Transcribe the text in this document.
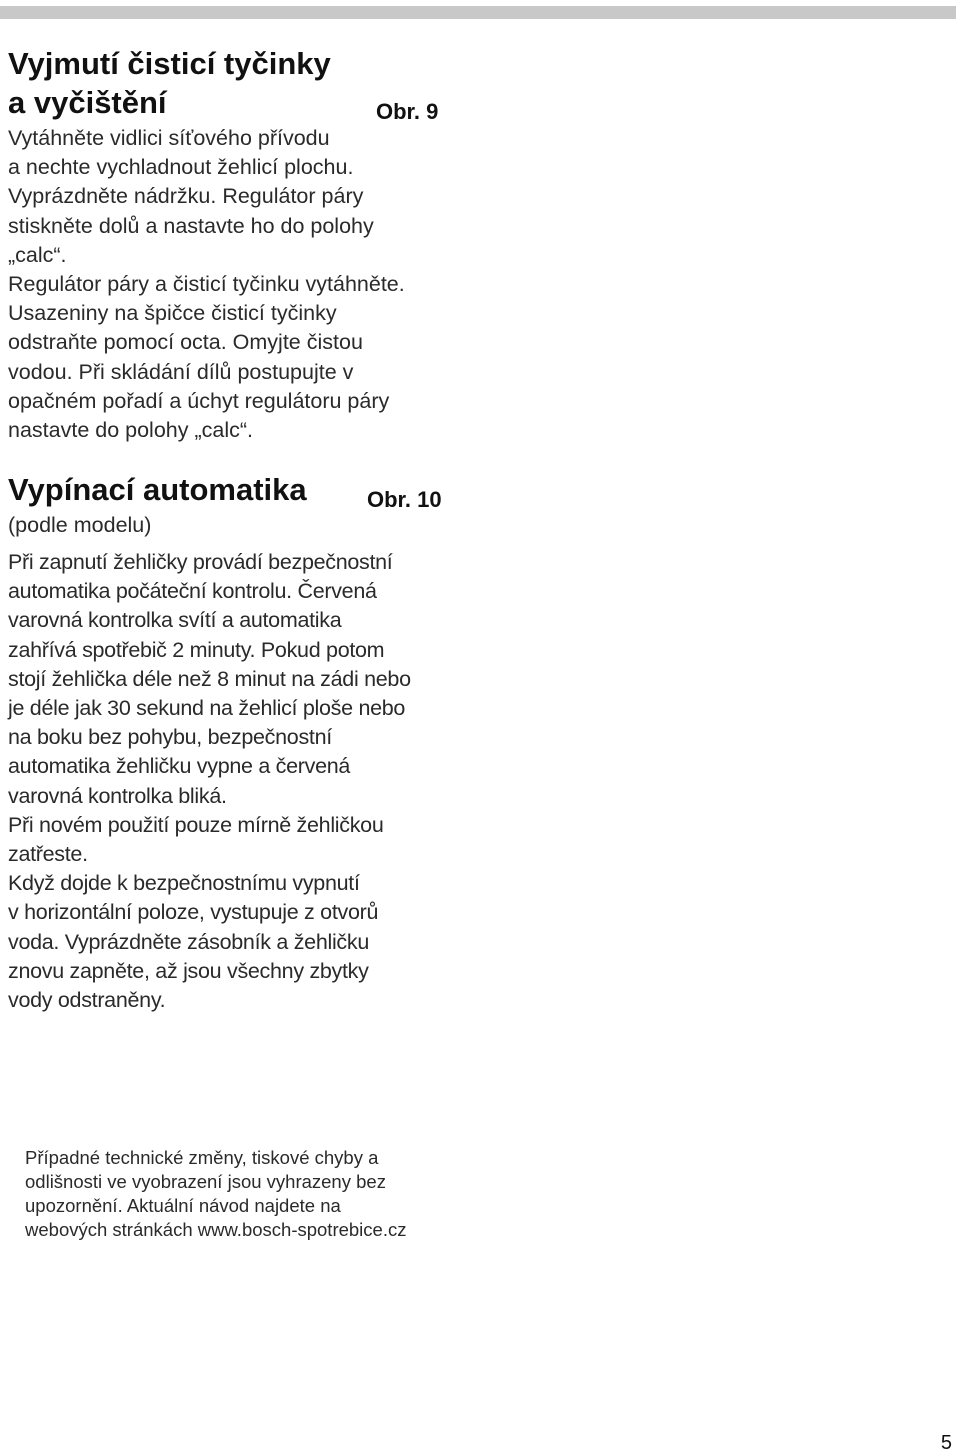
Vyjmutí čisticí tyčinky
a vyčištění	Obr. 9

Vytáhněte vidlici síťového přívodu
a nechte vychladnout žehlicí plochu.
Vyprázdněte nádržku. Regulátor páry
stiskněte dolů a nastavte ho do polohy
„calc“.
Regulátor páry a čisticí tyčinku vytáhněte.
Usazeniny na špičce čisticí tyčinky
odstraňte pomocí octa. Omyjte čistou
vodou. Při skládání dílů postupujte v
opačném pořadí a úchyt regulátoru páry
nastavte do polohy „calc“.

Vypínací automatika	Obr. 10

(podle modelu)

Při zapnutí žehličky provádí bezpečnostní
automatika počáteční kontrolu. Červená
varovná kontrolka svítí a automatika
zahřívá spotřebič 2 minuty. Pokud potom
stojí žehlička déle než 8 minut na zádi nebo
je déle jak 30 sekund na žehlicí ploše nebo
na boku bez pohybu, bezpečnostní
automatika žehličku vypne a červená
varovná kontrolka bliká.
Při novém použití pouze mírně žehličkou
zatřeste.
Když dojde k bezpečnostnímu vypnutí
v horizontální poloze, vystupuje z otvorů
voda. Vyprázdněte zásobník a žehličku
znovu zapněte, až jsou všechny zbytky
vody odstraněny.

Případné technické změny, tiskové chyby a
odlišnosti ve vyobrazení jsou vyhrazeny bez
upozornění. Aktuální návod najdete na
webových stránkách www.bosch-spotrebice.cz
5
